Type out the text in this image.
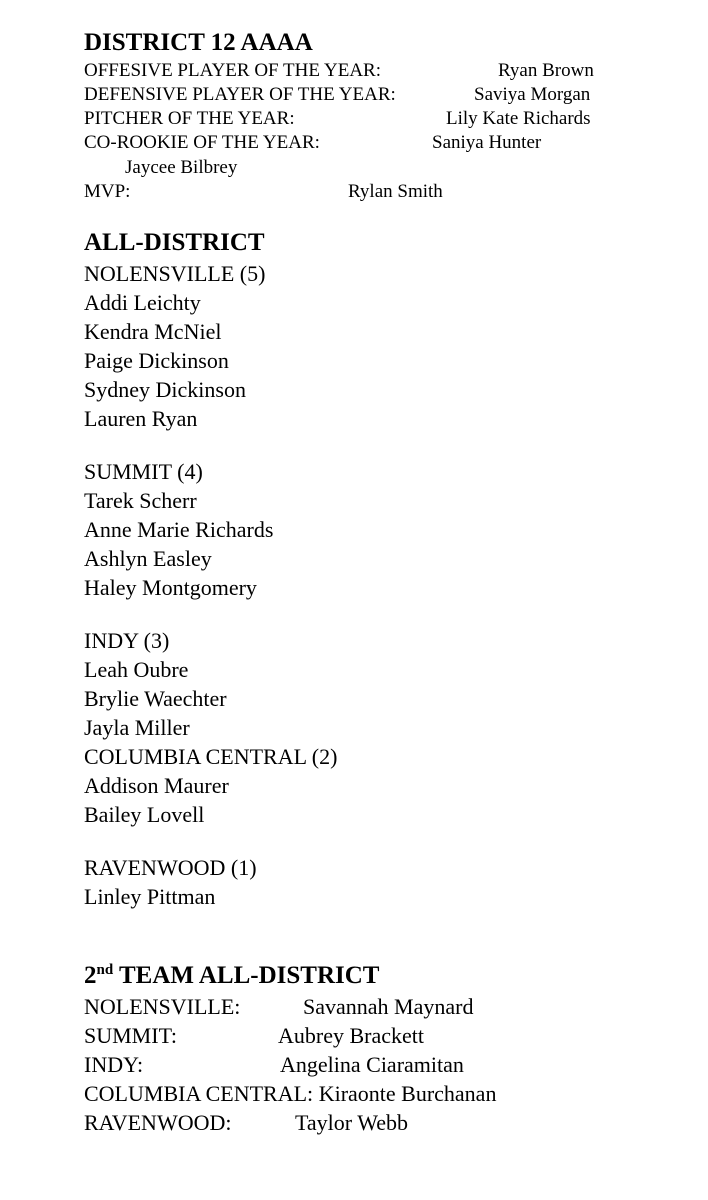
DISTRICT 12 AAAA
OFFESIVE PLAYER OF THE YEAR:	Ryan Brown
DEFENSIVE PLAYER OF THE YEAR:	Saviya Morgan
PITCHER OF THE YEAR:	Lily Kate Richards
CO-ROOKIE OF THE YEAR:	Saniya Hunter
Jaycee Bilbrey
MVP:	Rylan Smith
ALL-DISTRICT
NOLENSVILLE (5)
Addi Leichty
Kendra McNiel
Paige Dickinson
Sydney Dickinson
Lauren Ryan
SUMMIT (4)
Tarek Scherr
Anne Marie Richards
Ashlyn Easley
Haley Montgomery
INDY (3)
Leah Oubre
Brylie Waechter
Jayla Miller
COLUMBIA CENTRAL (2)
Addison Maurer
Bailey Lovell
RAVENWOOD (1)
Linley Pittman
2nd TEAM ALL-DISTRICT
NOLENSVILLE:	Savannah Maynard
SUMMIT:	Aubrey Brackett
INDY:	Angelina Ciaramitan
COLUMBIA CENTRAL: Kiraonte Burchanan
RAVENWOOD:	Taylor Webb
